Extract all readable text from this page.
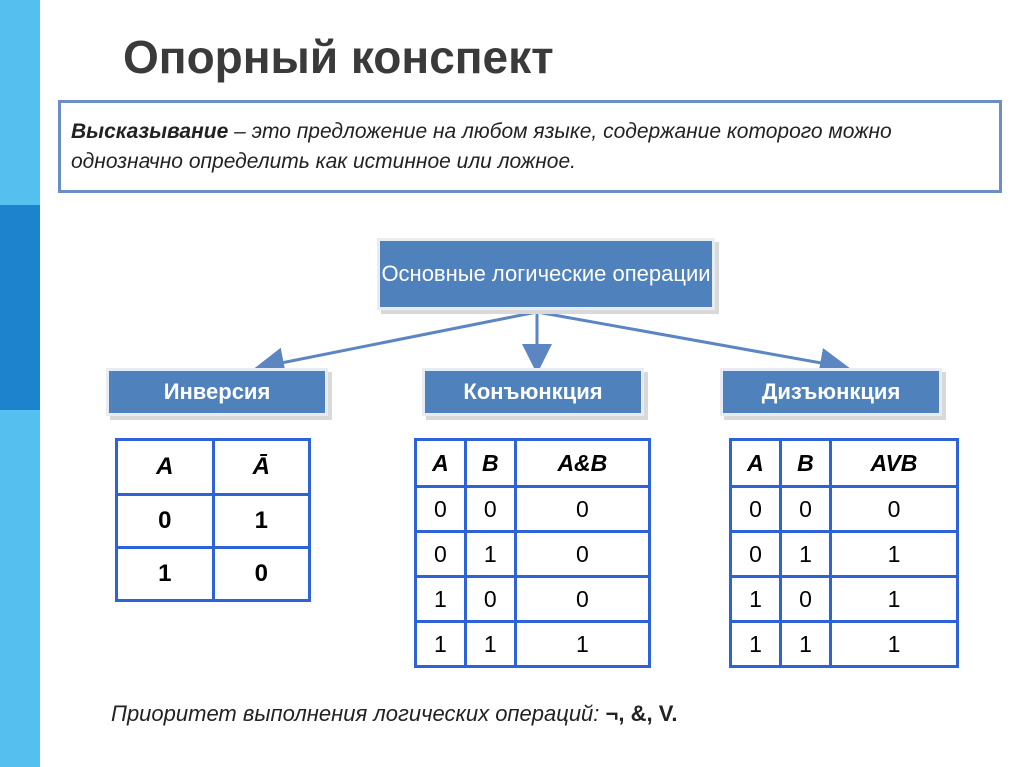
Опорный конспект
Высказывание – это предложение на любом языке, содержание которого можно однозначно определить как истинное или ложное.
Основные логические операции
Инверсия	Конъюнкция	Дизъюнкция
A	Ā
0	1
1	0
A	B	A&B
0	0	0
0	1	0
1	0	0
1	1	1
A	B	AVB
0	0	0
0	1	1
1	0	1
1	1	1
Приоритет выполнения логических операций: ¬, &, V.
